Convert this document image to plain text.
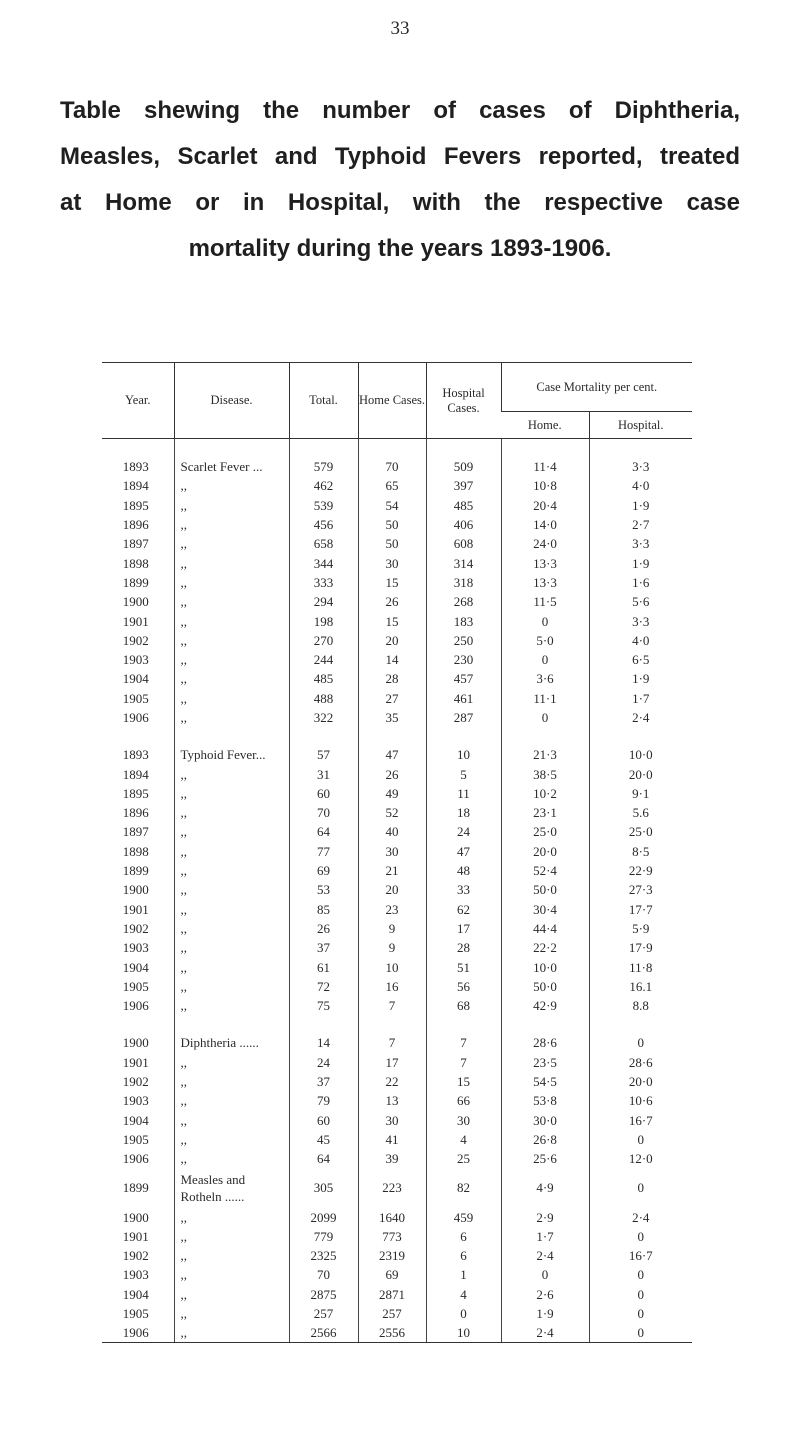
33
Table shewing the number of cases of Diphtheria,
Measles, Scarlet and Typhoid Fevers reported, treated
at Home or in Hospital, with the respective case
mortality during the years 1893-1906.
Year.	Disease.	Total.	Home Cases.	Hospital Cases.	Case Mortality per cent.	
					Home.	Hospital.

1893	Scarlet Fever ...	579	70	509	11·4	3·3
1894	,,	462	65	397	10·8	4·0
1895	,,	539	54	485	20·4	1·9
1896	,,	456	50	406	14·0	2·7
1897	,,	658	50	608	24·0	3·3
1898	,,	344	30	314	13·3	1·9
1899	,,	333	15	318	13·3	1·6
1900	,,	294	26	268	11·5	5·6
1901	,,	198	15	183	0	3·3
1902	,,	270	20	250	5·0	4·0
1903	,,	244	14	230	0	6·5
1904	,,	485	28	457	3·6	1·9
1905	,,	488	27	461	11·1	1·7
1906	,,	322	35	287	0	2·4

1893	Typhoid Fever...	57	47	10	21·3	10·0
1894	,,	31	26	5	38·5	20·0
1895	,,	60	49	11	10·2	9·1
1896	,,	70	52	18	23·1	5.6
1897	,,	64	40	24	25·0	25·0
1898	,,	77	30	47	20·0	8·5
1899	,,	69	21	48	52·4	22·9
1900	,,	53	20	33	50·0	27·3
1901	,,	85	23	62	30·4	17·7
1902	,,	26	9	17	44·4	5·9
1903	,,	37	9	28	22·2	17·9
1904	,,	61	10	51	10·0	11·8
1905	,,	72	16	56	50·0	16.1
1906	,,	75	7	68	42·9	8.8

1900	Diphtheria ......	14	7	7	28·6	0
1901	,,	24	17	7	23·5	28·6
1902	,,	37	22	15	54·5	20·0
1903	,,	79	13	66	53·8	10·6
1904	,,	60	30	30	30·0	16·7
1905	,,	45	41	4	26·8	0
1906	,,	64	39	25	25·6	12·0
1899	Measles and Rotheln ......	305	223	82	4·9	0
1900	,,	2099	1640	459	2·9	2·4
1901	,,	779	773	6	1·7	0
1902	,,	2325	2319	6	2·4	16·7
1903	,,	70	69	1	0	0
1904	,,	2875	2871	4	2·6	0
1905	,,	257	257	0	1·9	0
1906	,,	2566	2556	10	2·4	0
